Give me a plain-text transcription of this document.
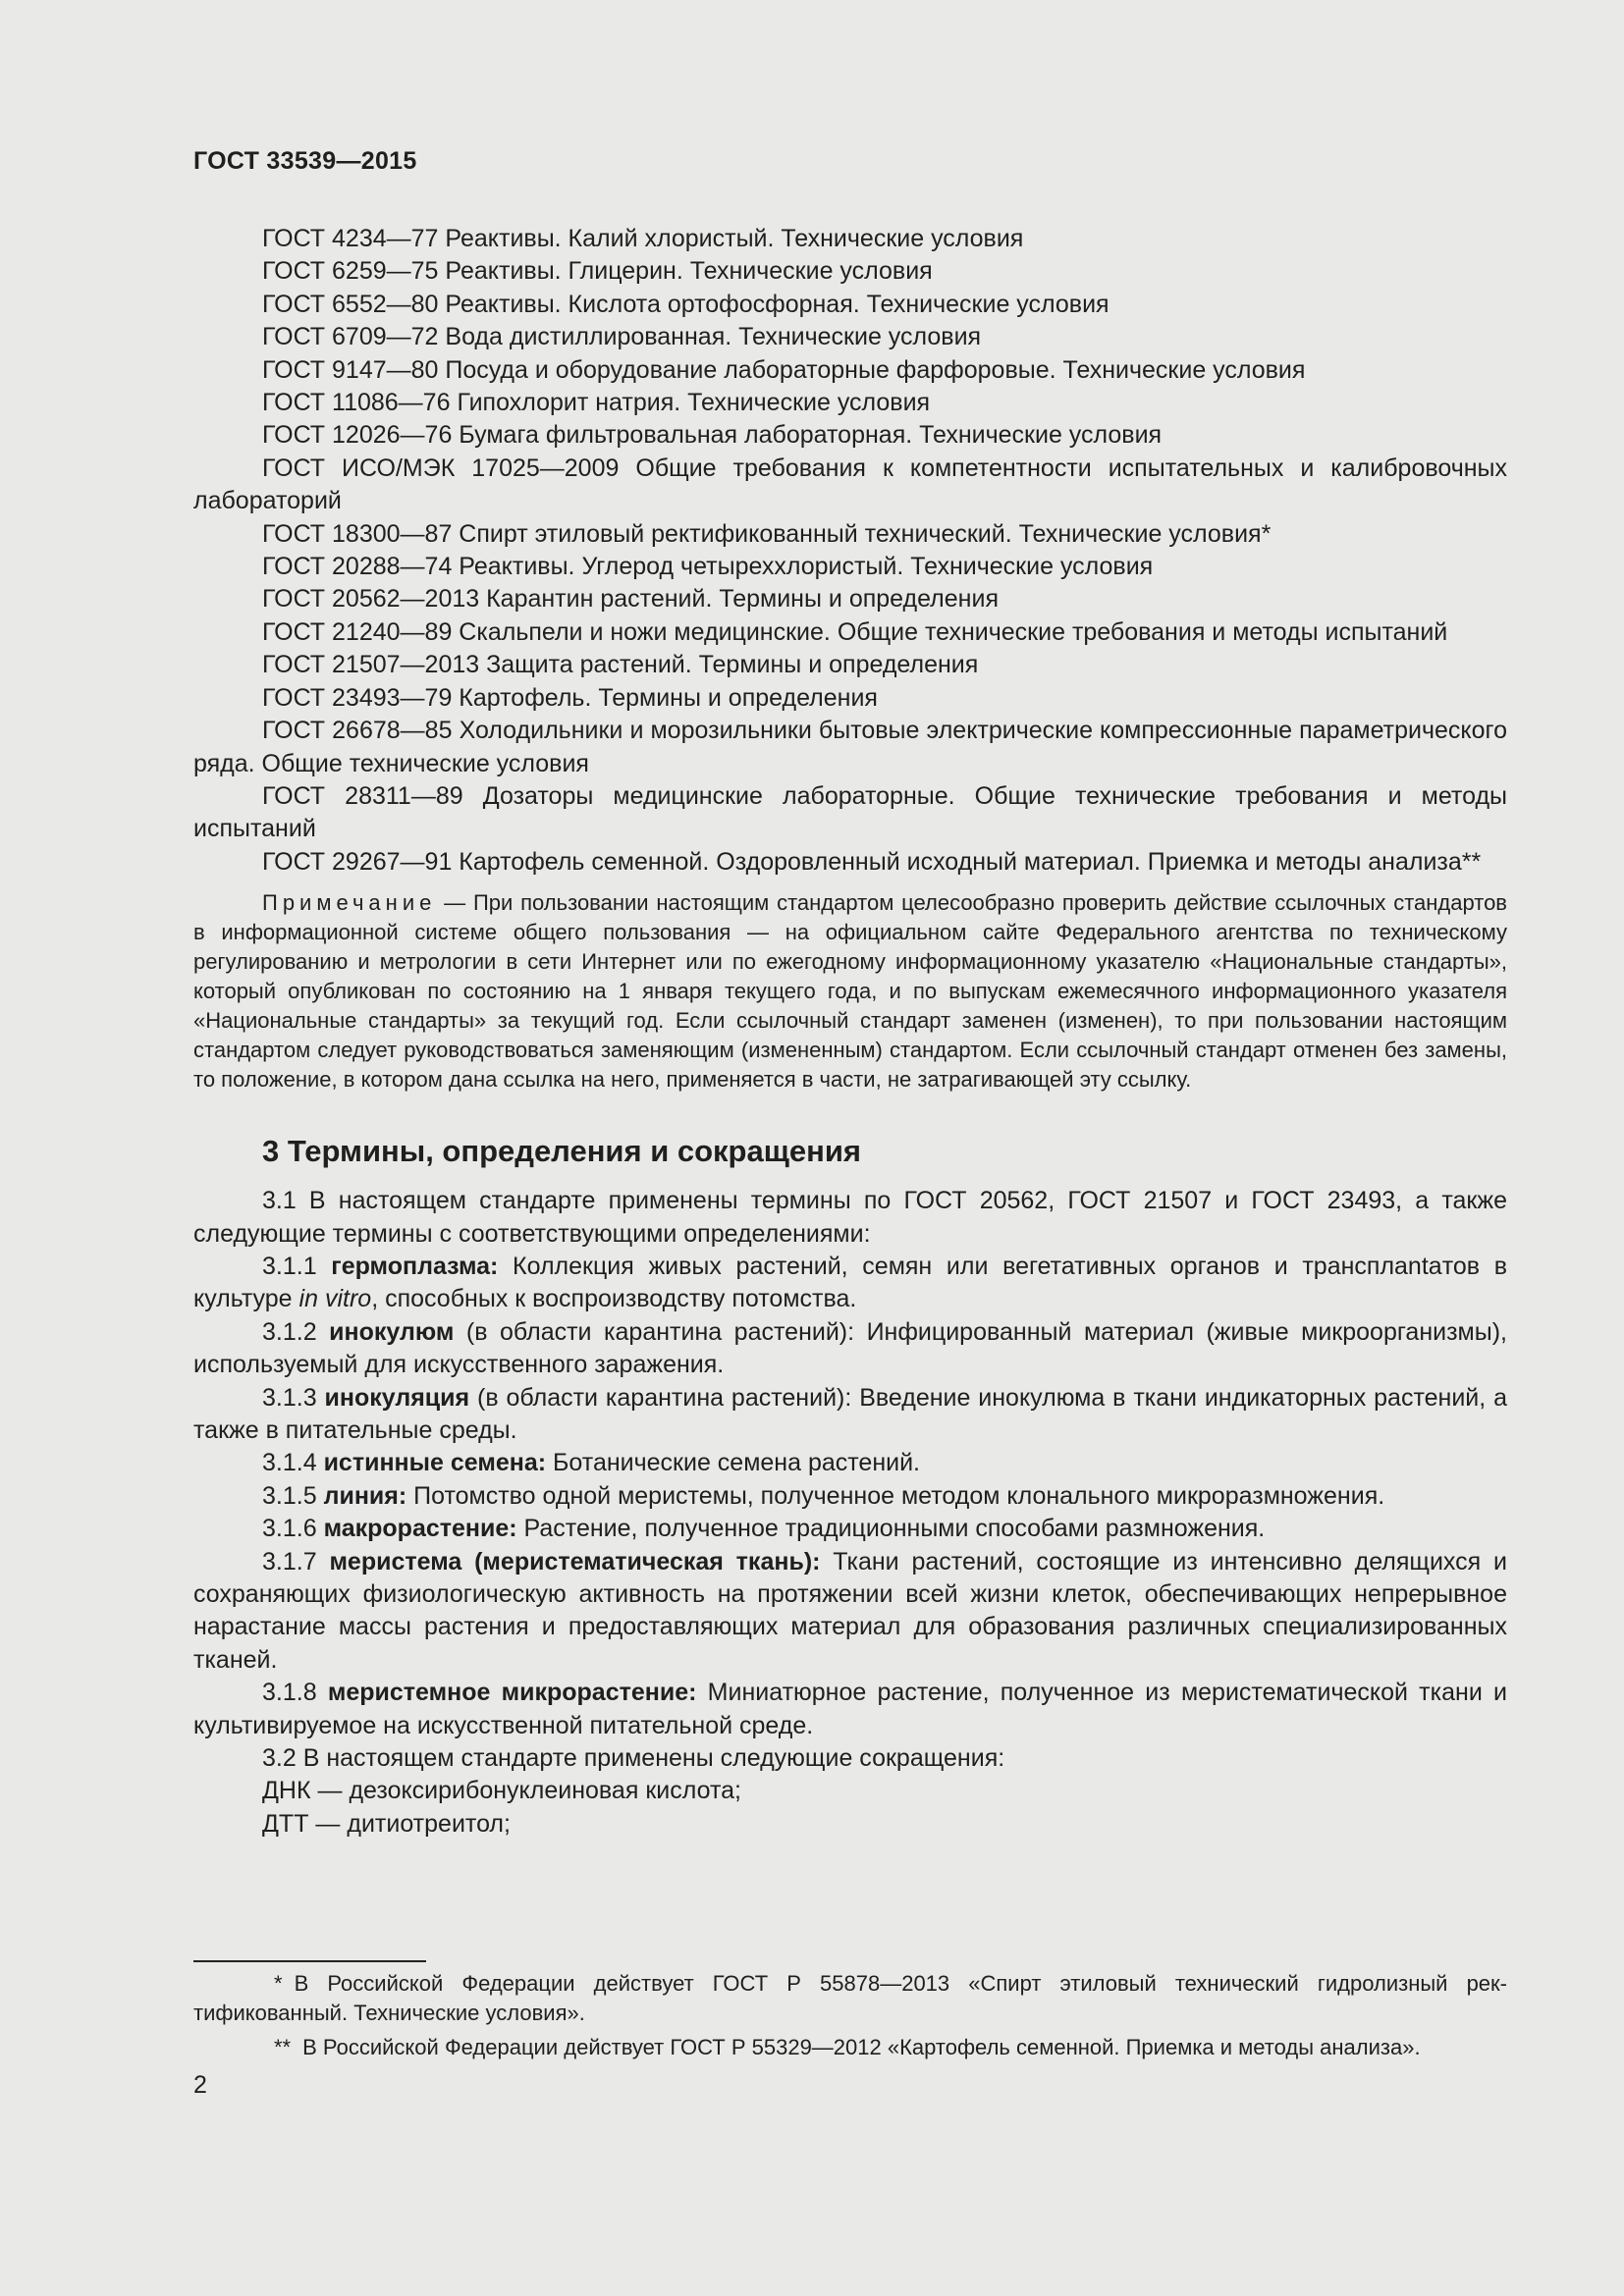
ГОСТ 33539—2015

ГОСТ 4234—77 Реактивы. Калий хлористый. Технические условия

ГОСТ 6259—75 Реактивы. Глицерин. Технические условия

ГОСТ 6552—80 Реактивы. Кислота ортофосфорная. Технические условия

ГОСТ 6709—72 Вода дистиллированная. Технические условия

ГОСТ 9147—80 Посуда и оборудование лабораторные фарфоровые. Технические условия

ГОСТ 11086—76 Гипохлорит натрия. Технические условия

ГОСТ 12026—76 Бумага фильтровальная лабораторная. Технические условия

ГОСТ ИСО/МЭК 17025—2009 Общие требования к компетентности испытательных и калибровочных лабораторий

ГОСТ 18300—87 Спирт этиловый ректификованный технический. Технические условия*

ГОСТ 20288—74 Реактивы. Углерод четыреххлористый. Технические условия

ГОСТ 20562—2013 Карантин растений. Термины и определения

ГОСТ 21240—89 Скальпели и ножи медицинские. Общие технические требования и методы испытаний

ГОСТ 21507—2013 Защита растений. Термины и определения

ГОСТ 23493—79 Картофель. Термины и определения

ГОСТ 26678—85 Холодильники и морозильники бытовые электрические компрессионные параметрического ряда. Общие технические условия

ГОСТ 28311—89 Дозаторы медицинские лабораторные. Общие технические требования и методы испытаний

ГОСТ 29267—91 Картофель семенной. Оздоровленный исходный материал. Приемка и методы анализа**

Примечание — При пользовании настоящим стандартом целесообразно проверить действие ссылочных стандартов в информационной системе общего пользования — на официальном сайте Федерального агентства по техническому регулированию и метрологии в сети Интернет или по ежегодному информационному указателю «Национальные стандарты», который опубликован по состоянию на 1 января текущего года, и по выпускам ежемесячного информационного указателя «Национальные стандарты» за текущий год. Если ссылочный стандарт заменен (изменен), то при пользовании настоящим стандартом следует руководствоваться заменяющим (измененным) стандартом. Если ссылочный стандарт отменен без замены, то положение, в котором дана ссылка на него, применяется в части, не затрагивающей эту ссылку.
3 Термины, определения и сокращения

3.1 В настоящем стандарте применены термины по ГОСТ 20562, ГОСТ 21507 и ГОСТ 23493, а также следующие термины с соответствующими определениями:

3.1.1 гермоплазма: Коллекция живых растений, семян или вегетативных органов и трансплantaтов в культуре in vitro, способных к воспроизводству потомства.

3.1.2 инокулюм (в области карантина растений): Инфицированный материал (живые микроорганизмы), используемый для искусственного заражения.

3.1.3 инокуляция (в области карантина растений): Введение инокулюма в ткани индикаторных растений, а также в питательные среды.

3.1.4 истинные семена: Ботанические семена растений.

3.1.5 линия: Потомство одной меристемы, полученное методом клонального микроразмножения.

3.1.6 макрорастение: Растение, полученное традиционными способами размножения.

3.1.7 меристема (меристематическая ткань): Ткани растений, состоящие из интенсивно делящихся и сохраняющих физиологическую активность на протяжении всей жизни клеток, обеспечивающих непрерывное нарастание массы растения и предоставляющих материал для образования различных специализированных тканей.

3.1.8 меристемное микрорастение: Миниатюрное растение, полученное из меристематической ткани и культивируемое на искусственной питательной среде.

3.2 В настоящем стандарте применены следующие сокращения:

ДНК — дезоксирибонуклеиновая кислота;

ДТТ — дитиотреитол;

* В Российской Федерации действует ГОСТ Р 55878—2013 «Спирт этиловый технический гидролизный ректификованный. Технические условия».

** В Российской Федерации действует ГОСТ Р 55329—2012 «Картофель семенной. Приемка и методы анализа».

2
